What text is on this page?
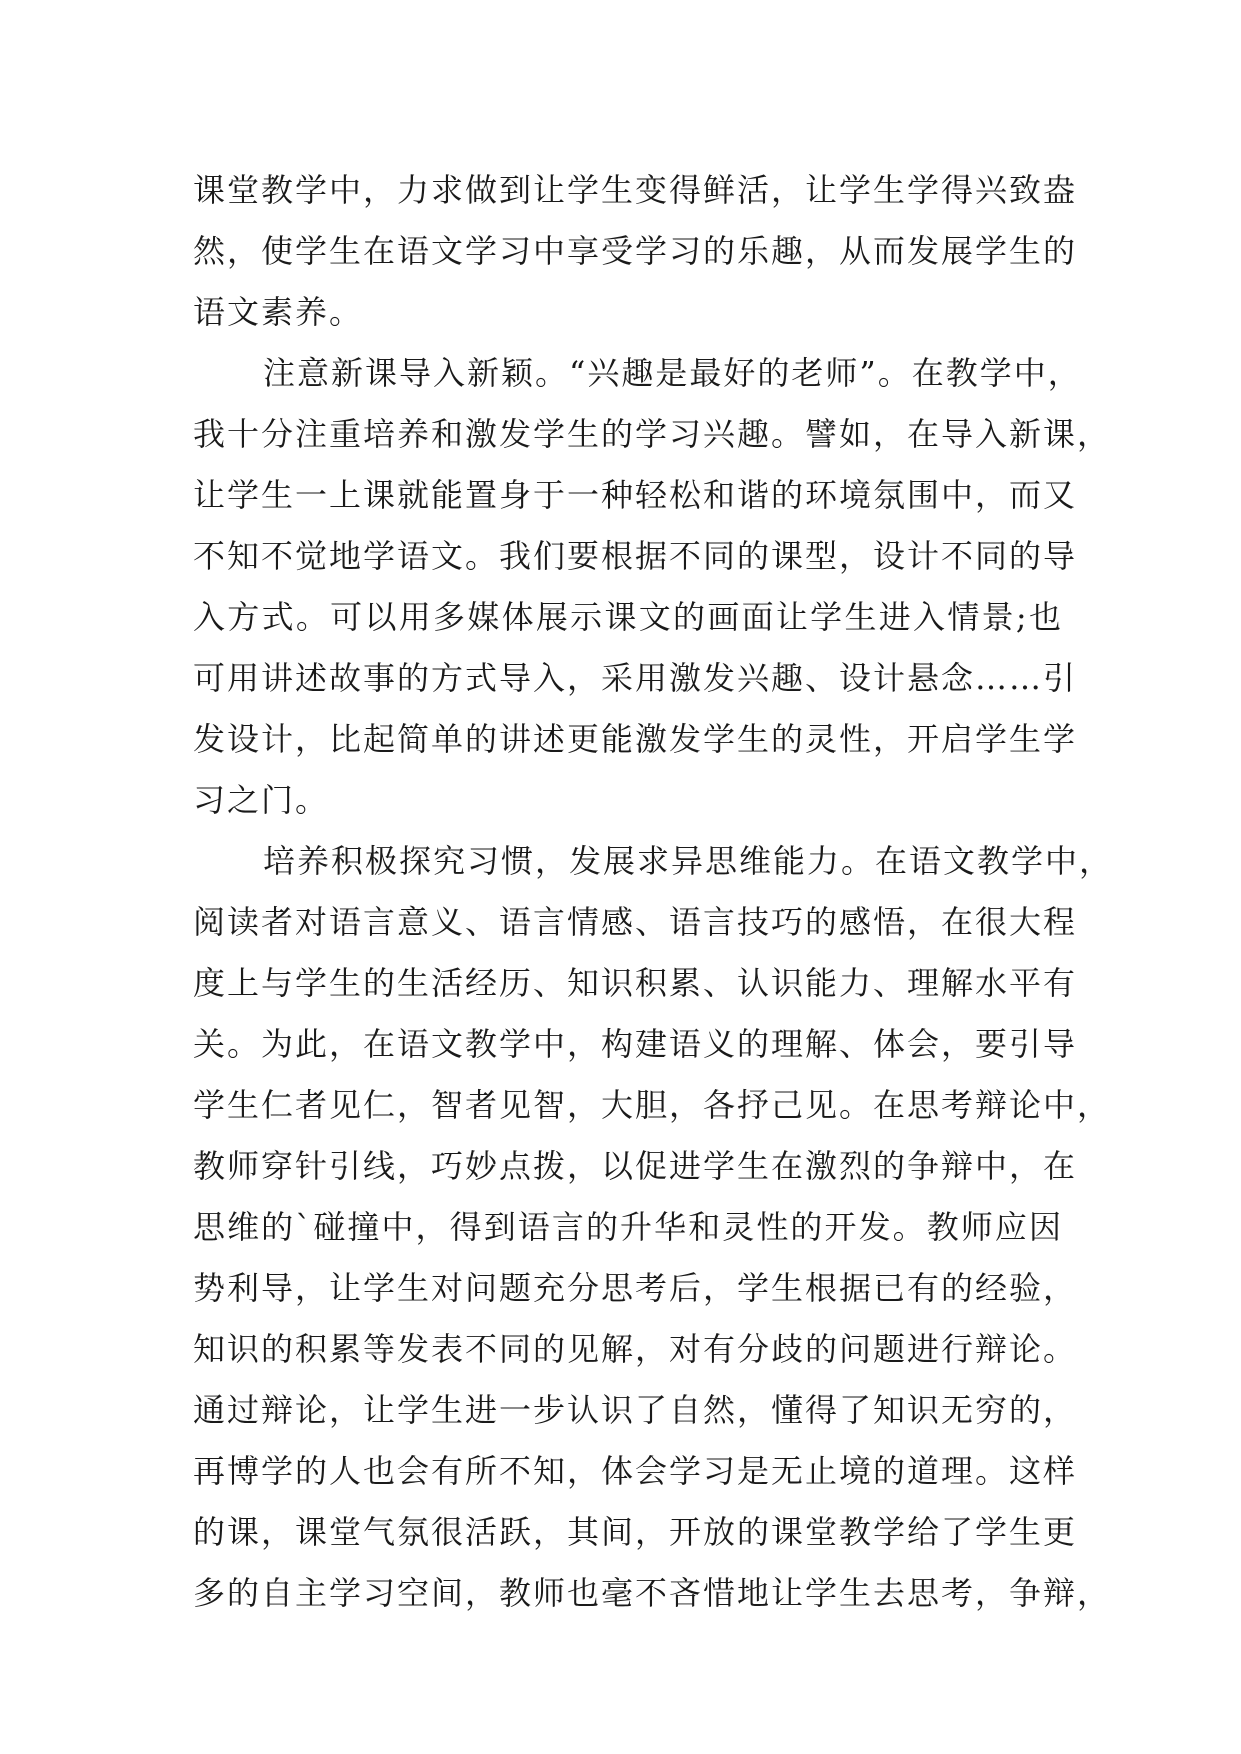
课堂教学中，力求做到让学生变得鲜活，让学生学得兴致盎
然，使学生在语文学习中享受学习的乐趣，从而发展学生的
语文素养。
注意新课导入新颖。“兴趣是最好的老师”。在教学中，
我十分注重培养和激发学生的学习兴趣。譬如，在导入新课，
让学生一上课就能置身于一种轻松和谐的环境氛围中，而又
不知不觉地学语文。我们要根据不同的课型，设计不同的导
入方式。可以用多媒体展示课文的画面让学生进入情景;也
可用讲述故事的方式导入，采用激发兴趣、设计悬念……引
发设计，比起简单的讲述更能激发学生的灵性，开启学生学
习之门。
培养积极探究习惯，发展求异思维能力。在语文教学中，
阅读者对语言意义、语言情感、语言技巧的感悟，在很大程
度上与学生的生活经历、知识积累、认识能力、理解水平有
关。为此，在语文教学中，构建语义的理解、体会，要引导
学生仁者见仁，智者见智，大胆，各抒己见。在思考辩论中，
教师穿针引线，巧妙点拨，以促进学生在激烈的争辩中，在
思维的`碰撞中，得到语言的升华和灵性的开发。教师应因
势利导，让学生对问题充分思考后，学生根据已有的经验，
知识的积累等发表不同的见解，对有分歧的问题进行辩论。
通过辩论，让学生进一步认识了自然，懂得了知识无穷的，
再博学的人也会有所不知，体会学习是无止境的道理。这样
的课，课堂气氛很活跃，其间，开放的课堂教学给了学生更
多的自主学习空间，教师也毫不吝惜地让学生去思考，争辩，
